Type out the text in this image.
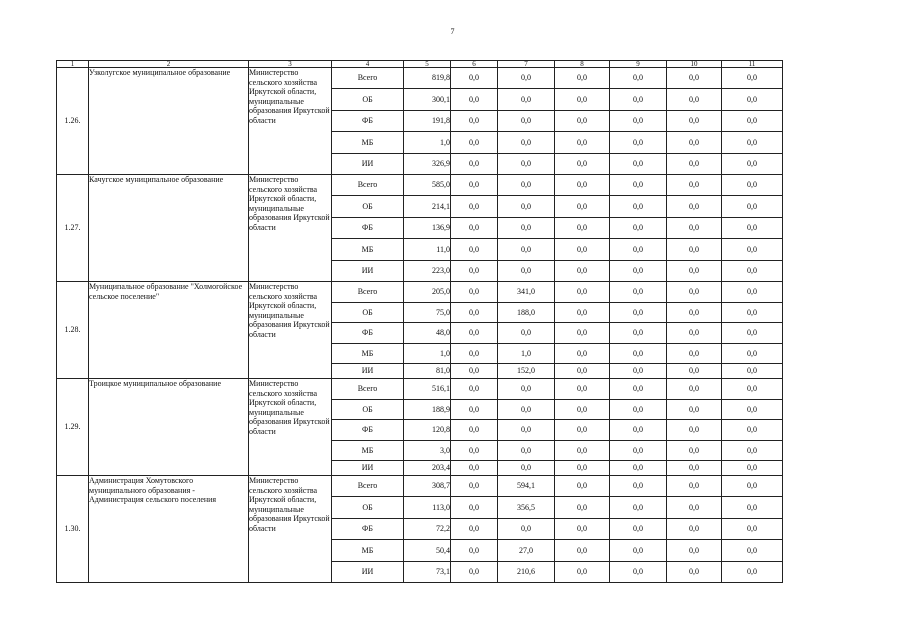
7
1	2	3	4	5	6	7	8	9	10	11
1.26.	Узколугское муниципальное образование	Министерство сельского хозяйства Иркутской области, муниципальные образования Иркутской области	Всего	819,8	0,0	0,0	0,0	0,0	0,0	0,0
			ОБ	300,1	0,0	0,0	0,0	0,0	0,0	0,0
			ФБ	191,8	0,0	0,0	0,0	0,0	0,0	0,0
			МБ	1,0	0,0	0,0	0,0	0,0	0,0	0,0
			ИИ	326,9	0,0	0,0	0,0	0,0	0,0	0,0
1.27.	Качугское муниципальное образование	Министерство сельского хозяйства Иркутской области, муниципальные образования Иркутской области	Всего	585,0	0,0	0,0	0,0	0,0	0,0	0,0
			ОБ	214,1	0,0	0,0	0,0	0,0	0,0	0,0
			ФБ	136,9	0,0	0,0	0,0	0,0	0,0	0,0
			МБ	11,0	0,0	0,0	0,0	0,0	0,0	0,0
			ИИ	223,0	0,0	0,0	0,0	0,0	0,0	0,0
1.28.	Муниципальное образование "Холмогойское сельское поселение"	Министерство сельского хозяйства Иркутской области, муниципальные образования Иркутской области	Всего	205,0	0,0	341,0	0,0	0,0	0,0	0,0
			ОБ	75,0	0,0	188,0	0,0	0,0	0,0	0,0
			ФБ	48,0	0,0	0,0	0,0	0,0	0,0	0,0
			МБ	1,0	0,0	1,0	0,0	0,0	0,0	0,0
			ИИ	81,0	0,0	152,0	0,0	0,0	0,0	0,0
1.29.	Троицкое муниципальное образование	Министерство сельского хозяйства Иркутской области, муниципальные образования Иркутской области	Всего	516,1	0,0	0,0	0,0	0,0	0,0	0,0
			ОБ	188,9	0,0	0,0	0,0	0,0	0,0	0,0
			ФБ	120,8	0,0	0,0	0,0	0,0	0,0	0,0
			МБ	3,0	0,0	0,0	0,0	0,0	0,0	0,0
			ИИ	203,4	0,0	0,0	0,0	0,0	0,0	0,0
1.30.	Администрация Хомутовского муниципального образования - Администрация сельского поселения	Министерство сельского хозяйства Иркутской области, муниципальные образования Иркутской области	Всего	308,7	0,0	594,1	0,0	0,0	0,0	0,0
			ОБ	113,0	0,0	356,5	0,0	0,0	0,0	0,0
			ФБ	72,2	0,0	0,0	0,0	0,0	0,0	0,0
			МБ	50,4	0,0	27,0	0,0	0,0	0,0	0,0
			ИИ	73,1	0,0	210,6	0,0	0,0	0,0	0,0
